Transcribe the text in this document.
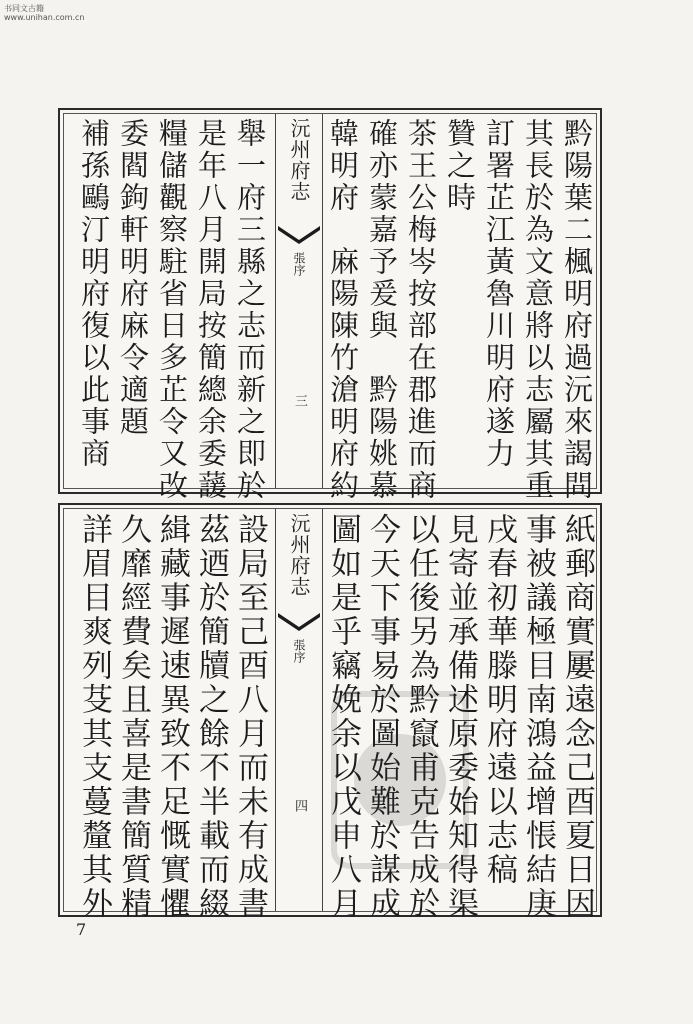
书同文古籍
www.unihan.com.cn
黔陽葉二楓明府過沅來謁問
其長於為文意將以志屬其重
訂署芷江黃魯川明府遂力
贊之時
茶王公梅岑按部在郡進而商
確亦蒙嘉予爰與　黔陽姚慕
韓明府　麻陽陳竹滄明府約
沅州府志
張序
三
舉一府三縣之志而新之即於
是年八月開局按簡總余委蘐
糧儲觀察駐省日多芷令又改
委閻鉤軒明府麻令適題
補孫鷗汀明府復以此事商
紙郵商實屢遠念己酉夏日因
事被議極目南鴻益增悵結庚
戌春初華滕明府遠以志稿
見寄並承備述原委始知得渠
以任後另為黔竄甫克告成於
今天下事易於圖始難於謀成
圖如是乎竊娩余以戊申八月
沅州府志
張序
四
設局至己酉八月而未有成書
茲迺於簡牘之餘不半載而綴
緝藏事遲速異致不足慨實懼
久靡經費矣且喜是書簡質精
詳眉目爽列芟其支蔓釐其外
7
